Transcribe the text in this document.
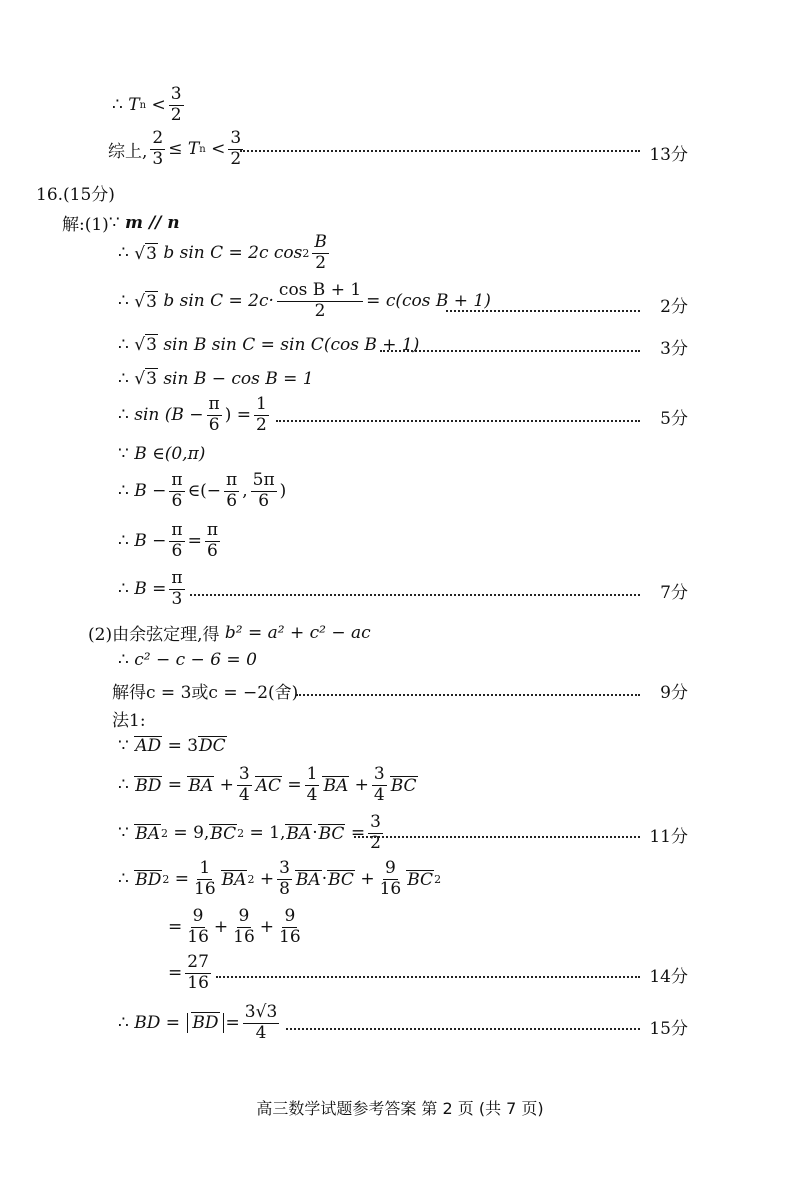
∴
T n
< $\frac{3}{2}$
综上, $\frac{2}{3}$ ≤
T n
< $\frac{3}{2}$	13分
16.(15分)
解:(1) ∵
m // n
∴
√ 3
b sin C = 2c $\cos 2 \frac{B}{2}$
∴
√ 3
b $\sin C = 2c\cdot \frac{\text{cos B + 1}}{2} = c(\cos$ B + 1)	2分
∴
√ 3
sin B sin C = sin C(cos B + 1)	3分
∴
√ 3
sin B − cos B = 1
∴
$\sin (B - \frac{\pi}{6}$ ) = $\frac{1}{2}$	5分
∵
B ∈(0,π)
∴
$B - \frac{\pi}{6}$ ∈(− $\frac{\pi}{6}$ , $\frac{5\pi}{6}$ )
∴
$B - \frac{\pi}{6} = \frac{\pi}{6}$
∴
$B = \frac{\pi}{3}$	7分
(2)由余弦定理,得
b² = a² + c² − ac
∴
c² − c − 6 = 0
解得c = 3或c = −2(舍)	9分
法1:
∵
AD
= 3 DC
∴
BD
=
BA
+ $\frac{3}{4}$ AC
= $\frac{1}{4}$ BA
+ $\frac{3}{4}$ BC
∵
BA 2
= 9, BC 2
= 1, BA · BC
= $\frac{3}{2}$	11分
∴
BD 2
= $\frac{1}{16}$ BA 2
+ $\frac{3}{8}$ BA · BC
+ $\frac{9}{16}$ BC 2
= $\frac{9}{16} + \frac{9}{16} + \frac{9}{16}$
= $\frac{27}{16}$	14分
∴
BD =
BD = $\frac{3√3}{4}$	15分
高三数学试题参考答案 第 2 页 (共 7 页)
